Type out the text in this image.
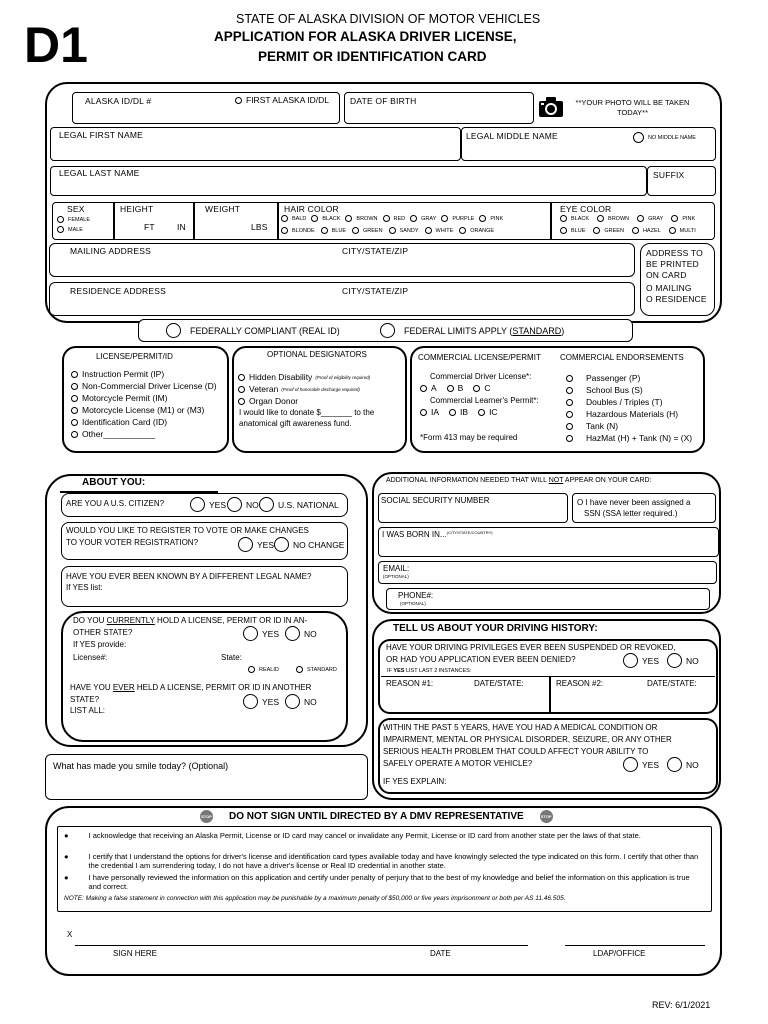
D1	STATE OF ALASKA DIVISION OF MOTOR VEHICLES
APPLICATION FOR ALASKA DRIVER LICENSE,
PERMIT OR IDENTIFICATION CARD
ALASKA ID/DL #	FIRST ALASKA ID/DL DATE OF BIRTH	**YOUR PHOTO WILL BE TAKEN TODAY**
LEGAL FIRST NAME	LEGAL MIDDLE NAME	NO MIDDLE NAME
LEGAL LAST NAME	SUFFIX
SEX
FEMALE
MALE
HEIGHT
FT	IN
WEIGHT
LBS
HAIR COLOR
BALD	BLACK	BROWN	RED	GRAY	PURPLE	PINK
BLONDE	BLUE	GREEN	SANDY	WHITE	ORANGE
EYE COLOR
BLACK	BROWN	GRAY	PINK
BLUE	GREEN	HAZEL	MULTI
MAILING ADDRESS	CITY/STATE/ZIP
RESIDENCE ADDRESS	CITY/STATE/ZIP
ADDRESS TO
BE PRINTED
ON CARD
O MAILING
O RESIDENCE
FEDERALLY COMPLIANT (REAL ID)	FEDERAL LIMITS APPLY (STANDARD)
LICENSE/PERMIT/ID
Instruction Permit (IP)
Non-Commercial Driver License (D)
Motorcycle Permit (IM)
Motorcycle License (M1) or (M3)
Identification Card (ID)
Other___________
OPTIONAL DESIGNATORS
Hidden Disability (Proof of eligibility required)
Veteran (Proof of honorable discharge required)
Organ Donor
I would like to donate $_______ to the
anatomical gift awareness fund.
COMMERCIAL LICENSE/PERMIT COMMERCIAL ENDORSEMENTS
Commercial Driver License*:
A B C
Commercial Learner's Permit*:
IA IB IC
*Form 413 may be required
Passenger (P)
School Bus (S)
Doubles / Triples (T)
Hazardous Materials (H)
Tank (N)
HazMat (H) + Tank (N) = (X)
ABOUT YOU:
ARE YOU A U.S. CITIZEN?	YES NO U.S. NATIONAL
WOULD YOU LIKE TO REGISTER TO VOTE OR MAKE CHANGES
TO YOUR VOTER REGISTRATION?	YES NO CHANGE
HAVE YOU EVER BEEN KNOWN BY A DIFFERENT LEGAL NAME?
If YES list:
DO YOU CURRENTLY HOLD A LICENSE, PERMIT OR ID IN AN-
OTHER STATE?	YES	NO
If YES provide:
License#:	State:
REALID	STANDARD
HAVE YOU EVER HELD A LICENSE, PERMIT OR ID IN ANOTHER
STATE?
LIST ALL:
YES	NO
What has made you smile today? (Optional)
ADDITIONAL INFORMATION NEEDED THAT WILL NOT APPEAR ON YOUR CARD:
SOCIAL SECURITY NUMBER	O I have never been assigned a
SSN (SSA letter required.)
I WAS BORN IN...$^{(CITY/STATE/COUNTRY)}$
EMAIL:
(OPTIONAL)
PHONE#:
(OPTIONAL)
TELL US ABOUT YOUR DRIVING HISTORY:
HAVE YOUR DRIVING PRIVILEGES EVER BEEN SUSPENDED OR REVOKED,
OR HAD YOU APPLICATION EVER BEEN DENIED?	YES	NO
IF YES LIST LAST 2 INSTANCES:
REASON #1:	DATE/STATE:	REASON #2:	DATE/STATE:
WITHIN THE PAST 5 YEARS, HAVE YOU HAD A MEDICAL CONDITION OR
IMPAIRMENT, MENTAL OR PHYSICAL DISORDER, SEIZURE, OR ANY OTHER
SERIOUS HEALTH PROBLEM THAT COULD AFFECT YOUR ABILITY TO
SAFELY OPERATE A MOTOR VEHICLE?	YES	NO
IF YES EXPLAIN:
STOP	DO NOT SIGN UNTIL DIRECTED BY A DMV REPRESENTATIVE	STOP
●	I acknowledge that receiving an Alaska Permit, License or ID card may cancel or invalidate any Permit, License or ID card from another state per the laws of that state.
●	I certify that I understand the options for driver's license and identification card types available today and have knowingly selected the type indicated on this form. I certify that other than the credential I am surrendering today, I do not have a driver's license or Real ID credential in another state.
●	I have personally reviewed the information on this application and certify under penalty of perjury that to the best of my knowledge and belief the information on this application is true and correct.
NOTE: Making a false statement in connection with this application may be punishable by a maximum penalty of $50,000 or five years imprisonment or both per AS 11.46.505.
X
SIGN HERE	DATE	LDAP/OFFICE
REV: 6/1/2021
